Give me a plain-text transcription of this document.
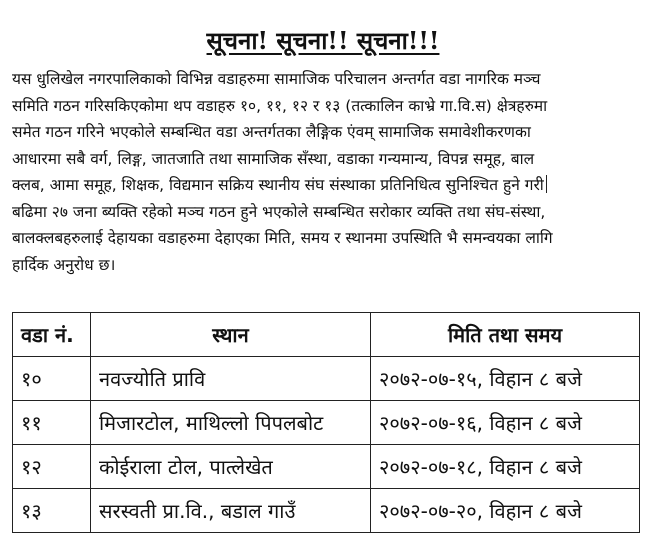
सूचना! सूचना!! सूचना!!!

यस धुलिखेल नगरपालिकाको विभिन्न वडाहरुमा सामाजिक परिचालन अन्तर्गत वडा नागरिक मञ्च
समिति गठन गरिसकिएकोमा थप वडाहरु १०, ११, १२ र १३ (तत्कालिन काभ्रे गा.वि.स) क्षेत्रहरुमा
समेत गठन गरिने भएकोले सम्बन्धित वडा अन्तर्गतका लैङ्गिक एंवम् सामाजिक समावेशीकरणका
आधारमा सबै वर्ग, लिङ्ग, जातजाति तथा सामाजिक सँस्था, वडाका गन्यमान्य, विपन्न समूह, बाल
क्लब, आमा समूह, शिक्षक, विद्यमान सक्रिय स्थानीय संघ संस्थाका प्रतिनिधित्व सुनिश्चित हुने गरी
बढिमा २७ जना ब्यक्ति रहेको मञ्च गठन हुने भएकोले सम्बन्धित सरोकार व्यक्ति तथा संघ-संस्था,
बालक्लबहरुलाई देहायका वडाहरुमा देहाएका मिति, समय र स्थानमा उपस्थिति भै समन्वयका लागि
हार्दिक अनुरोध छ।

वडा नं.	स्थान	मिति तथा समय
१०	नवज्योति प्रावि	२०७२-०७-१५, विहान ८ बजे
११	मिजारटोल, माथिल्लो पिपलबोट	२०७२-०७-१६, विहान ८ बजे
१२	कोईराला टोल, पात्लेखेत	२०७२-०७-१८, विहान ८ बजे
१३	सरस्वती प्रा.वि., बडाल गाउँ	२०७२-०७-२०, विहान ८ बजे
